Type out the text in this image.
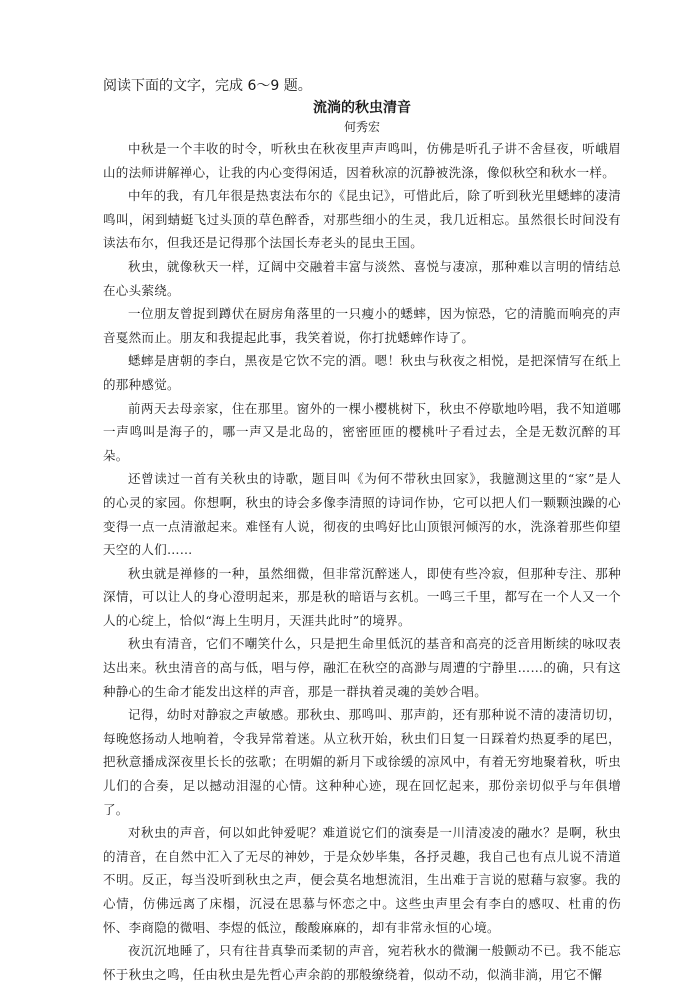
阅读下面的文字，完成 6～9 题。

流淌的秋虫清音

何秀宏

中秋是一个丰收的时令，听秋虫在秋夜里声声鸣叫，仿佛是听孔子讲不舍昼夜，听峨眉山的法师讲解禅心，让我的内心变得闲适，因着秋凉的沉静被洗涤，像似秋空和秋水一样。

中年的我，有几年很是热衷法布尔的《昆虫记》，可惜此后，除了听到秋光里蟋蟀的凄清鸣叫，闲到蜻蜓飞过头顶的草色醉香，对那些细小的生灵，我几近相忘。虽然很长时间没有读法布尔，但我还是记得那个法国长寿老头的昆虫王国。

秋虫，就像秋天一样，辽阔中交融着丰富与淡然、喜悦与凄凉，那种难以言明的情结总在心头萦绕。

一位朋友曾捉到蹲伏在厨房角落里的一只瘦小的蟋蟀，因为惊恐，它的清脆而响亮的声音戛然而止。朋友和我提起此事，我笑着说，你打扰蟋蟀作诗了。

蟋蟀是唐朝的李白，黑夜是它饮不完的酒。嗯！秋虫与秋夜之相悦，是把深情写在纸上的那种感觉。

前两天去母亲家，住在那里。窗外的一棵小樱桃树下，秋虫不停歇地吟唱，我不知道哪一声鸣叫是海子的，哪一声又是北岛的，密密匝匝的樱桃叶子看过去，全是无数沉醉的耳朵。

还曾读过一首有关秋虫的诗歌，题目叫《为何不带秋虫回家》，我臆测这里的“家”是人的心灵的家园。你想啊，秋虫的诗会多像李清照的诗词作协，它可以把人们一颗颗浊躁的心变得一点一点清澈起来。难怪有人说，彻夜的虫鸣好比山顶银河倾泻的水，洗涤着那些仰望天空的人们……

秋虫就是禅修的一种，虽然细微，但非常沉醉迷人，即使有些冷寂，但那种专注、那种深情，可以让人的身心澄明起来，那是秋的暗语与玄机。一鸣三千里，都写在一个人又一个人的心绽上，恰似“海上生明月，天涯共此时”的境界。

秋虫有清音，它们不嘲笑什么，只是把生命里低沉的基音和高亮的泛音用断续的咏叹表达出来。秋虫清音的高与低，唱与停，融汇在秋空的高渺与周遭的宁静里……的确，只有这种静心的生命才能发出这样的声音，那是一群执着灵魂的美妙合唱。

记得，幼时对静寂之声敏感。那秋虫、那鸣叫、那声韵，还有那种说不清的凄清切切，每晚悠扬动人地响着，令我异常着迷。从立秋开始，秋虫们日复一日踩着灼热夏季的尾巴，把秋意播成深夜里长长的弦歌；在明媚的新月下或徐缓的凉风中，有着无穷地聚着秋，听虫儿们的合奏，足以撼动泪湿的心情。这种种心迹，现在回忆起来，那份亲切似乎与年俱增了。

对秋虫的声音，何以如此钟爱呢？难道说它们的演奏是一川清凌凌的融水？是啊，秋虫的清音，在自然中汇入了无尽的神妙，于是众妙毕集，各抒灵趣，我自己也有点儿说不清道不明。反正，每当没听到秋虫之声，便会莫名地想流泪，生出难于言说的慰藉与寂寥。我的心情，仿佛远离了床榻，沉浸在思慕与怀恋之中。这些虫声里会有李白的感叹、杜甫的伤怀、李商隐的微唱、李煜的低泣，酸酸麻麻的，却有非常永恒的心境。

夜沉沉地睡了，只有往昔真挚而柔韧的声音，宛若秋水的微澜一般颤动不已。我不能忘怀于秋虫之鸣，任由秋虫是先哲心声余韵的那般缭绕着，似动不动，似淌非淌，用它不懈
